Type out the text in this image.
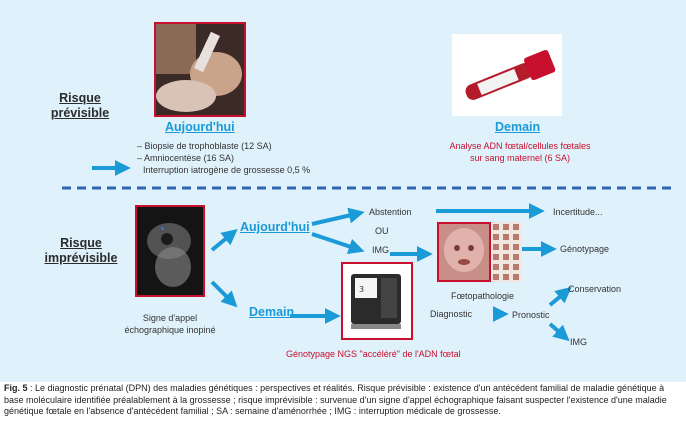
Risque
prévisible
Aujourd'hui
– Biopsie de trophoblaste (12 SA)
– Amniocentèse (16 SA)
Interruption iatrogène de grossesse 0,5 %
Demain
Analyse ADN fœtal/cellules fœtales
sur sang maternel (6 SA)
Risque
imprévisible
Signe d'appel
échographique inopiné
Aujourd'hui
Demain
Abstention
OU
IMG
Fœtopathologie
Incertitude...
Génotypage
3
Diagnostic	Pronostic
Conservation
IMG
Génotypage NGS "accéléré" de l'ADN fœtal
Fig. 5 : Le diagnostic prénatal (DPN) des maladies génétiques : perspectives et réalités. Risque prévisible : existence d'un antécédent familial de maladie génétique à base moléculaire identifiée préalablement à la grossesse ; risque imprévisible : survenue d'un signe d'appel échographique faisant suspecter l'existence d'une maladie génétique fœtale en l'absence d'antécédent familial ; SA : semaine d'aménorrhée ; IMG : interruption médicale de grossesse.
